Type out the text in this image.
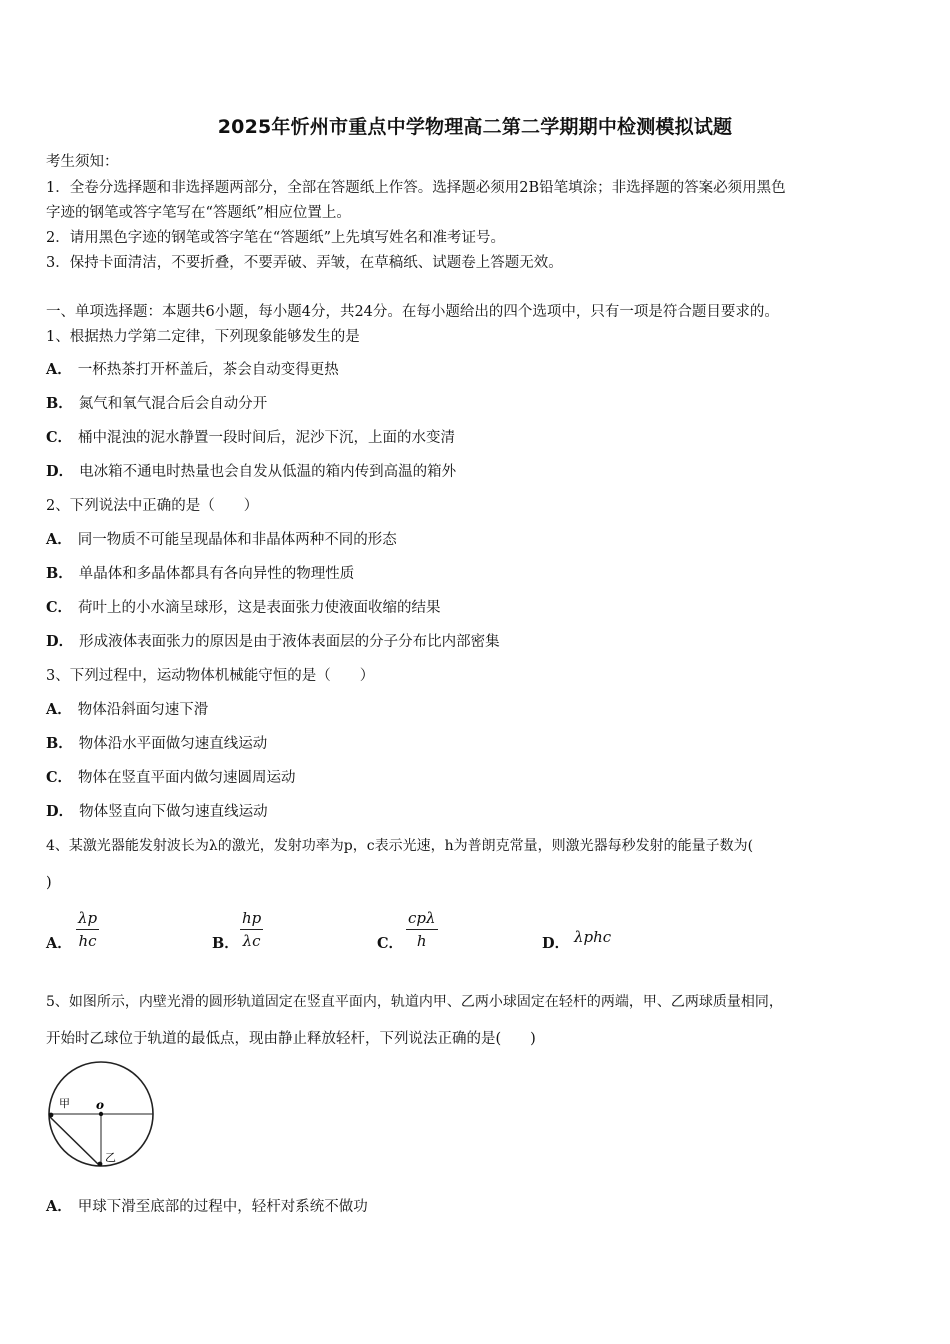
2025年忻州市重点中学物理高二第二学期期中检测模拟试题
考生须知：
1．全卷分选择题和非选择题两部分，全部在答题纸上作答。选择题必须用2B铅笔填涂；非选择题的答案必须用黑色
字迹的钢笔或答字笔写在“答题纸”相应位置上。
2．请用黑色字迹的钢笔或答字笔在“答题纸”上先填写姓名和准考证号。
3．保持卡面清洁，不要折叠，不要弄破、弄皱，在草稿纸、试题卷上答题无效。
一、单项选择题：本题共6小题，每小题4分，共24分。在每小题给出的四个选项中，只有一项是符合题目要求的。
1、根据热力学第二定律，下列现象能够发生的是
A． 一杯热茶打开杯盖后，茶会自动变得更热
B． 氮气和氧气混合后会自动分开
C． 桶中混浊的泥水静置一段时间后，泥沙下沉，上面的水变清
D． 电冰箱不通电时热量也会自发从低温的箱内传到高温的箱外
2、下列说法中正确的是（　　）
A． 同一物质不可能呈现晶体和非晶体两种不同的形态
B． 单晶体和多晶体都具有各向异性的物理性质
C． 荷叶上的小水滴呈球形，这是表面张力使液面收缩的结果
D． 形成液体表面张力的原因是由于液体表面层的分子分布比内部密集
3、下列过程中，运动物体机械能守恒的是（　　）
A． 物体沿斜面匀速下滑
B． 物体沿水平面做匀速直线运动
C． 物体在竖直平面内做匀速圆周运动
D． 物体竖直向下做匀速直线运动
4、某激光器能发射波长为λ的激光，发射功率为p，c表示光速，h为普朗克常量，则激光器每秒发射的能量子数为(
)
A． $\frac{\lambda p}{hc}$	B． $\frac{hp}{\lambda c}$	C．
cpλ
h	D． λphc
5、如图所示，内壁光滑的圆形轨道固定在竖直平面内，轨道内甲、乙两小球固定在轻杆的两端，甲、乙两球质量相同，
开始时乙球位于轨道的最低点，现由静止释放轻杆，下列说法正确的是(　　)
甲 o
乙
A． 甲球下滑至底部的过程中，轻杆对系统不做功
